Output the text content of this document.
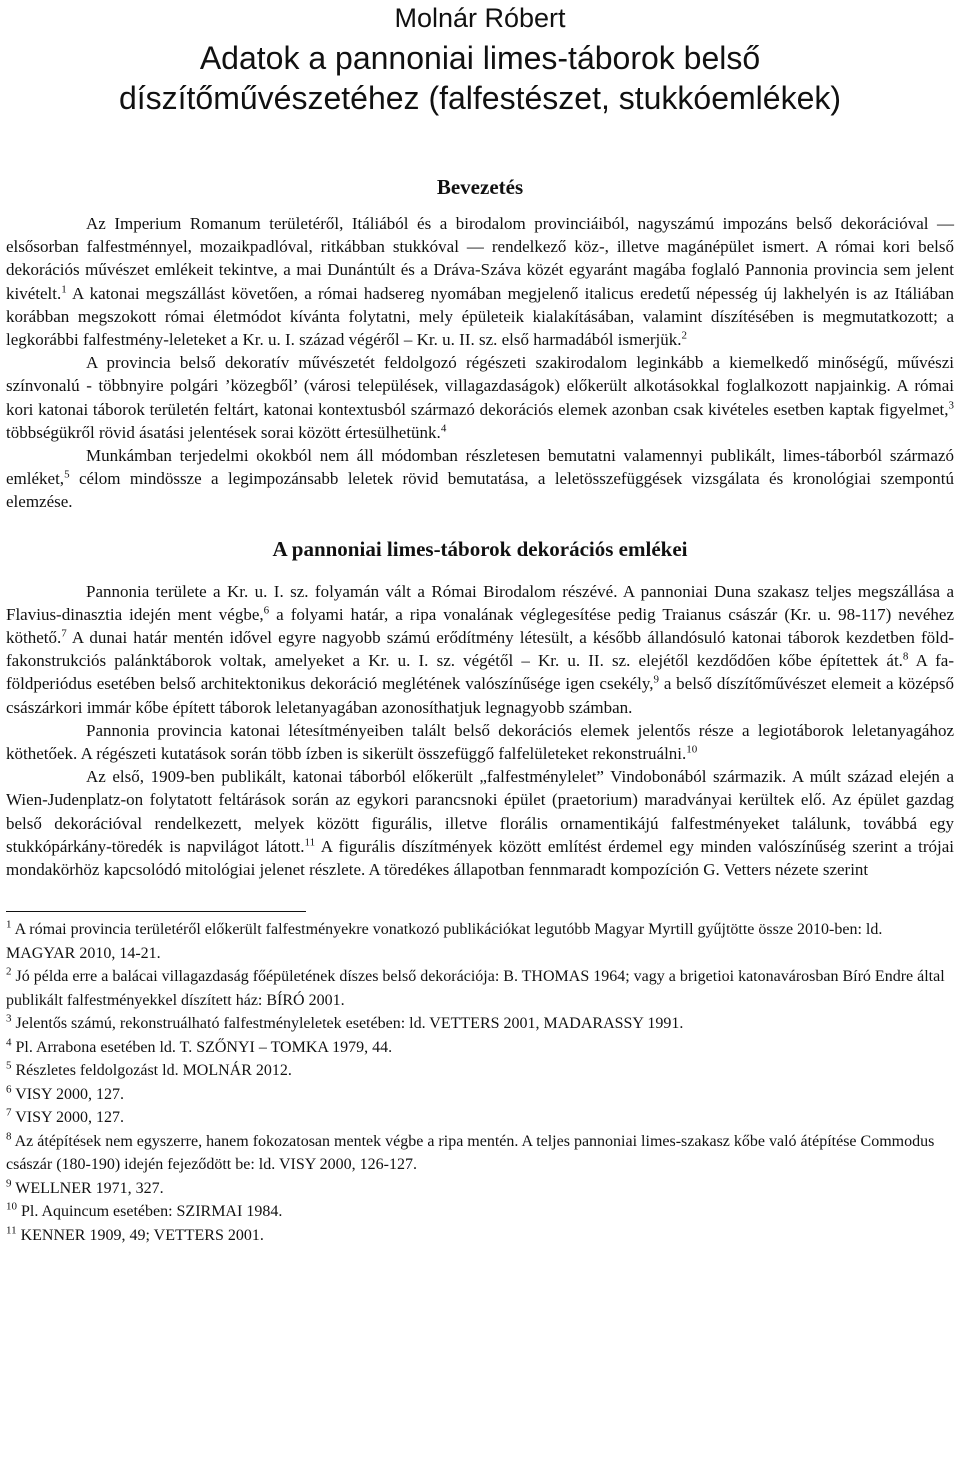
Molnár Róbert
Adatok a pannoniai limes-táborok belső
díszítőművészetéhez (falfestészet, stukkóemlékek)
Bevezetés

Az Imperium Romanum területéről, Itáliából és a birodalom provinciáiból, nagyszámú impozáns belső dekorációval — elsősorban falfestménnyel, mozaikpadlóval, ritkábban stukkóval — rendelkező köz-, illetve magánépület ismert. A római kori belső dekorációs művészet emlékeit tekintve, a mai Dunántúlt és a Dráva-Száva közét egyaránt magába foglaló Pannonia provincia sem jelent kivételt.$^1$ A katonai megszállást követően, a római hadsereg nyomában megjelenő italicus eredetű népesség új lakhelyén is az Itáliában korábban megszokott római életmódot kívánta folytatni, mely épületeik kialakításában, valamint díszítésében is megmutatkozott; a legkorábbi falfestmény-leleteket a Kr. u. I. század végéről – Kr. u. II. sz. első harmadából ismerjük.$^2$

A provincia belső dekoratív művészetét feldolgozó régészeti szakirodalom leginkább a kiemelkedő minőségű, művészi színvonalú - többnyire polgári ’közegből’ (városi települések, villagazdaságok) előkerült alkotásokkal foglalkozott napjainkig. A római kori katonai táborok területén feltárt, katonai kontextusból származó dekorációs elemek azonban csak kivételes esetben kaptak figyelmet,$^3$ többségükről rövid ásatási jelentések sorai között értesülhetünk.$^4$

Munkámban terjedelmi okokból nem áll módomban részletesen bemutatni valamennyi publikált, limes-táborból származó emléket,$^5$ célom mindössze a legimpozánsabb leletek rövid bemutatása, a leletösszefüggések vizsgálata és kronológiai szempontú elemzése.

A pannoniai limes-táborok dekorációs emlékei

Pannonia területe a Kr. u. I. sz. folyamán vált a Római Birodalom részévé. A pannoniai Duna szakasz teljes megszállása a Flavius-dinasztia idején ment végbe,$^6$ a folyami határ, a ripa vonalának véglegesítése pedig Traianus császár (Kr. u. 98-117) nevéhez köthető.$^7$ A dunai határ mentén idővel egyre nagyobb számú erődítmény létesült, a később állandósuló katonai táborok kezdetben föld-fakonstrukciós palánktáborok voltak, amelyeket a Kr. u. I. sz. végétől – Kr. u. II. sz. elejétől kezdődően kőbe építettek át.$^8$ A fa-földperiódus esetében belső architektonikus dekoráció meglétének valószínűsége igen csekély,$^9$ a belső díszítőművészet elemeit a középső császárkori immár kőbe épített táborok leletanyagában azonosíthatjuk legnagyobb számban.

Pannonia provincia katonai létesítményeiben talált belső dekorációs elemek jelentős része a legiotáborok leletanyagához köthetőek. A régészeti kutatások során több ízben is sikerült összefüggő falfelületeket rekonstruálni.$^{10}$

Az első, 1909-ben publikált, katonai táborból előkerült „falfestménylelet” Vindobonából származik. A múlt század elején a Wien-Judenplatz-on folytatott feltárások során az egykori parancsnoki épület (praetorium) maradványai kerültek elő. Az épület gazdag belső dekorációval rendelkezett, melyek között figurális, illetve florális ornamentikájú falfestményeket találunk, továbbá egy stukkópárkány-töredék is napvilágot látott.$^{11}$ A figurális díszítmények között említést érdemel egy minden valószínűség szerint a trójai mondakörhöz kapcsolódó mitológiai jelenet részlete. A töredékes állapotban fennmaradt kompozíción G. Vetters nézete szerint

$^1$ A római provincia területéről előkerült falfestményekre vonatkozó publikációkat legutóbb Magyar Myrtill gyűjtötte össze 2010-ben: ld. MAGYAR 2010, 14-21.

$^2$ Jó példa erre a balácai villagazdaság főépületének díszes belső dekorációja: B. THOMAS 1964; vagy a brigetioi katonavárosban Bíró Endre által publikált falfestményekkel díszített ház: BÍRÓ 2001.

$^3$ Jelentős számú, rekonstruálható falfestményleletek esetében: ld. VETTERS 2001, MADARASSY 1991.

$^4$ Pl. Arrabona esetében ld. T. SZŐNYI – TOMKA 1979, 44.

$^5$ Részletes feldolgozást ld. MOLNÁR 2012.

$^6$ VISY 2000, 127.

$^7$ VISY 2000, 127.

$^8$ Az átépítések nem egyszerre, hanem fokozatosan mentek végbe a ripa mentén. A teljes pannoniai limes-szakasz kőbe való átépítése Commodus császár (180-190) idején fejeződött be: ld. VISY 2000, 126-127.

$^9$ WELLNER 1971, 327.

$^{10}$ Pl. Aquincum esetében: SZIRMAI 1984.

$^{11}$ KENNER 1909, 49; VETTERS 2001.
